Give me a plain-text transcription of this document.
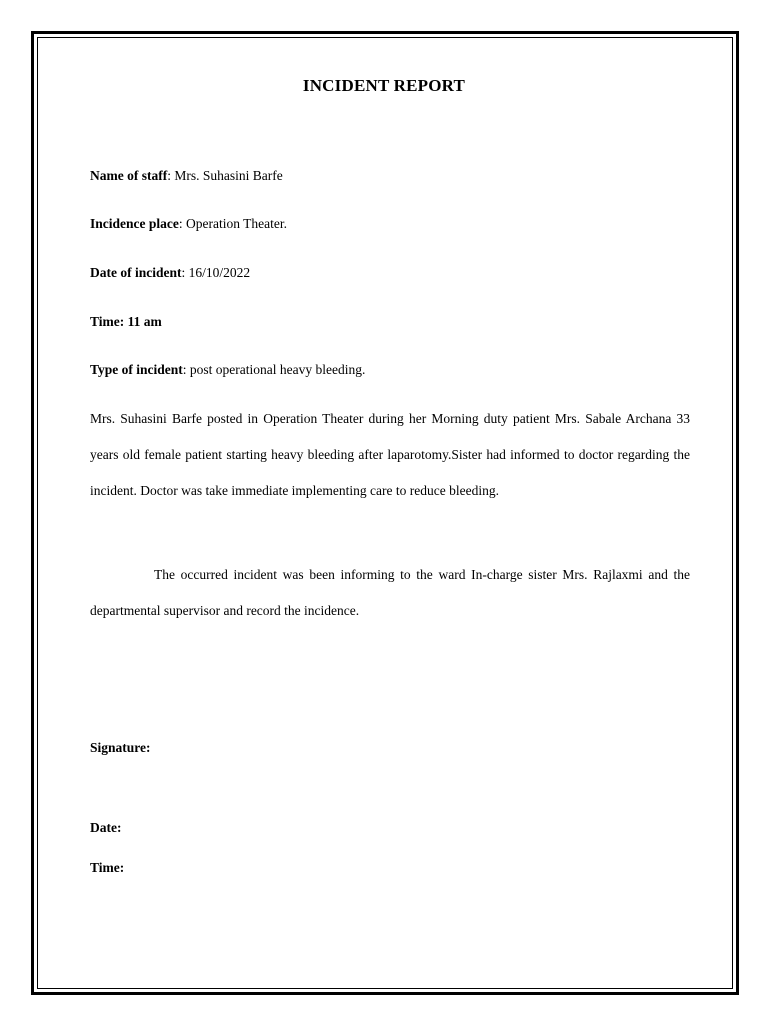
INCIDENT REPORT
Name of staff: Mrs. Suhasini Barfe
Incidence place: Operation Theater.
Date of incident: 16/10/2022
Time: 11 am
Type of incident: post operational heavy bleeding.
Mrs. Suhasini Barfe posted in Operation Theater during her Morning duty patient Mrs. Sabale Archana 33 years old female patient starting heavy bleeding after laparotomy.Sister had informed to doctor regarding the incident. Doctor was take immediate implementing care to reduce bleeding.
The occurred incident was been informing to the ward In-charge sister Mrs. Rajlaxmi and the departmental supervisor and record the incidence.
Signature:
Date:
Time:
